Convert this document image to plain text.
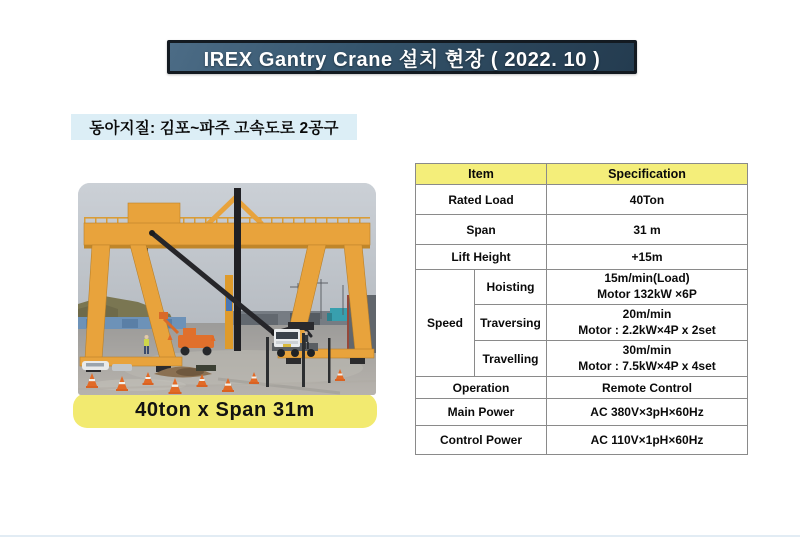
IREX Gantry Crane 설치 현장 ( 2022. 10 )
동아지질: 김포~파주 고속도로 2공구
40ton x Span 31m
Item		Specification
Rated Load		40Ton
Span		31 m
Lift Height		+15m
Speed	Hoisting	15m/min(Load)
Motor 132kW ×6P

	Traversing	20m/min
Motor : 2.2kW×4P x 2set

	Travelling	30m/min
Motor : 7.5kW×4P x 4set

Operation		Remote Control
Main Power		AC 380V×3pH×60Hz
Control Power		AC 110V×1pH×60Hz
